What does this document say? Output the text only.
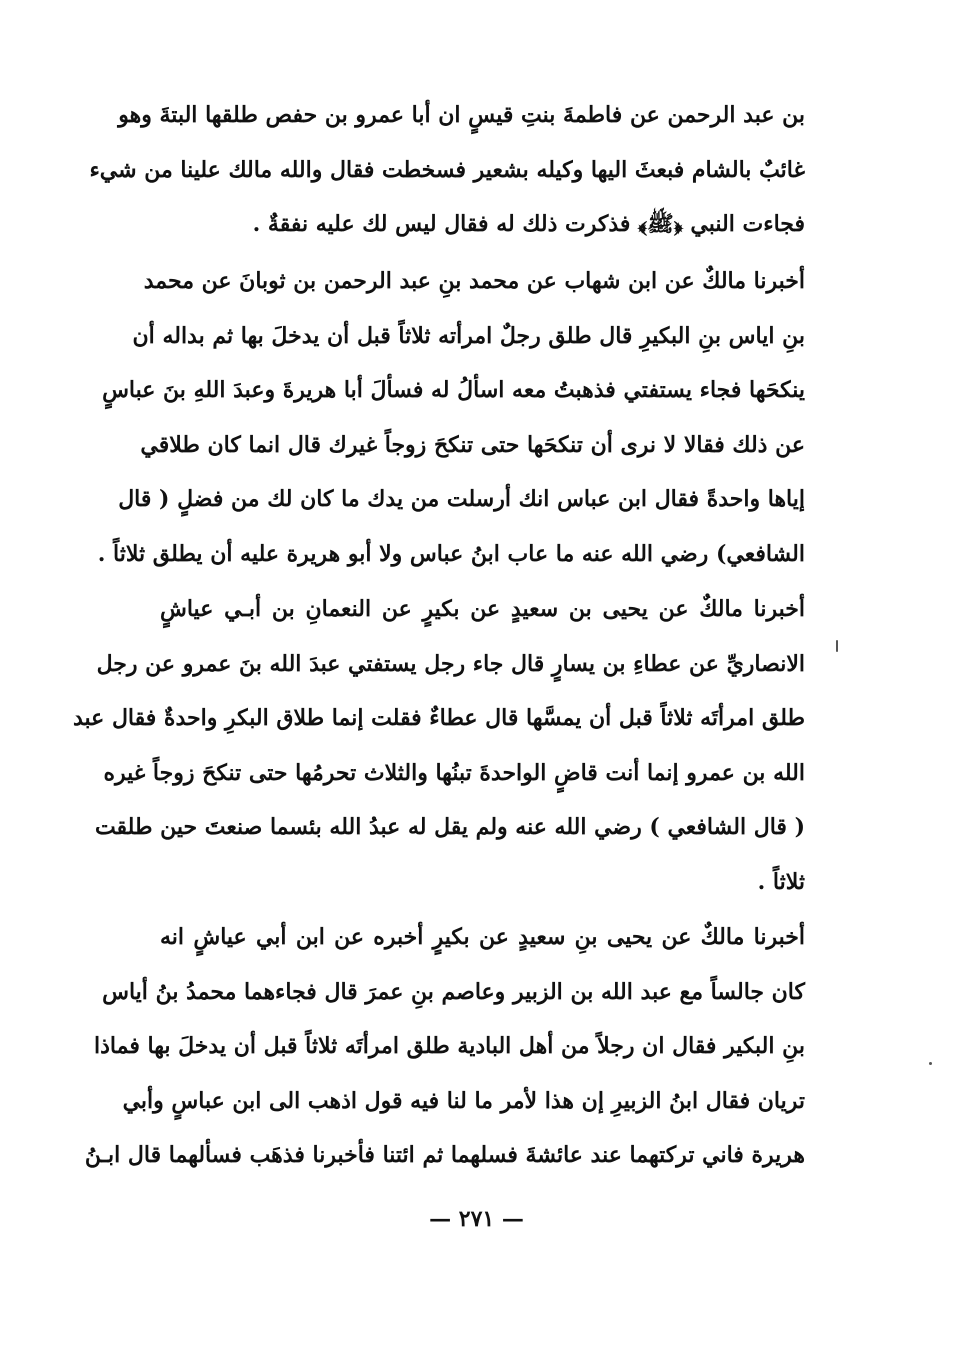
بن عبد الرحمن عن فاطمةَ بنتِ قيسٍ ان أبا عمرو بن حفص طلقها البتةَ وهو
غائبٌ بالشام فبعثَ اليها وكيله بشعير فسخطت فقال والله مالك علينا من شيء
فجاءت النبي ﴿ﷺ﴾ فذكرت ذلك له فقال ليس لك عليه نفقةٌ .
أخبرنا مالكٌ عن ابن شهاب عن محمد بنِ عبد الرحمن بن ثوبانَ عن محمد
بنِ اياس بنِ البكيرِ قال طلق رجلٌ امرأته ثلاثاً قبل أن يدخلَ بها ثم بداله أن
ينكحَها فجاء يستفتي فذهبتُ معه اسألُ له فسألَ أبا هريرةَ وعبدَ اللهِ بنَ عباسٍ
عن ذلك فقالا لا نرى أن تنكحَها حتى تنكحَ زوجاً غيرك قال انما كان طلاقي
إياها واحدةً فقال ابن عباس انك أرسلت من يدك ما كان لك من فضلٍ ( قال
الشافعي) رضي الله عنه ما عاب ابنُ عباس ولا أبو هريرة عليه أن يطلق ثلاثاً .
أخبرنا مالكٌ عن يحيى بن سعيدٍ عن بكيرٍ عن النعمانِ بن أبـي عياشٍ
الانصاريِّ عن عطاءِ بن يسارٍ قال جاء رجل يستفتي عبدَ الله بنَ عمرو عن رجل
طلق امرأتَه ثلاثاً قبل أن يمسَّها قال عطاءٌ فقلت إنما طلاق البكرِ واحدةٌ فقال عبد
الله بن عمرو إنما أنت قاضٍ الواحدةَ تبنُها والثلاث تحرمُها حتى تنكحَ زوجاً غيره
( قال الشافعي ) رضي الله عنه ولم يقل له عبدُ الله بئسما صنعتَ حين طلقت
ثلاثاً .
أخبرنا مالكٌ عن يحيى بنِ سعيدٍ عن بكيرٍ أخبره عن ابن أبي عياشٍ انه
كان جالساً مع عبد الله بن الزبير وعاصم بنِ عمرَ قال فجاءهما محمدُ بنُ أياس
بنِ البكير فقال ان رجلاً من أهل البادية طلق امرأتَه ثلاثاً قبل أن يدخلَ بها فماذا
تريان فقال ابنُ الزبيرِ إن هذا لأمر ما لنا فيه قول اذهب الى ابن عباسٍ وأبي
هريرة فاني تركتهما عند عائشةَ فسلهما ثم ائتنا فأخبرنا فذهَب فسألهما قال ابـنُ
— ٢٧١ —
